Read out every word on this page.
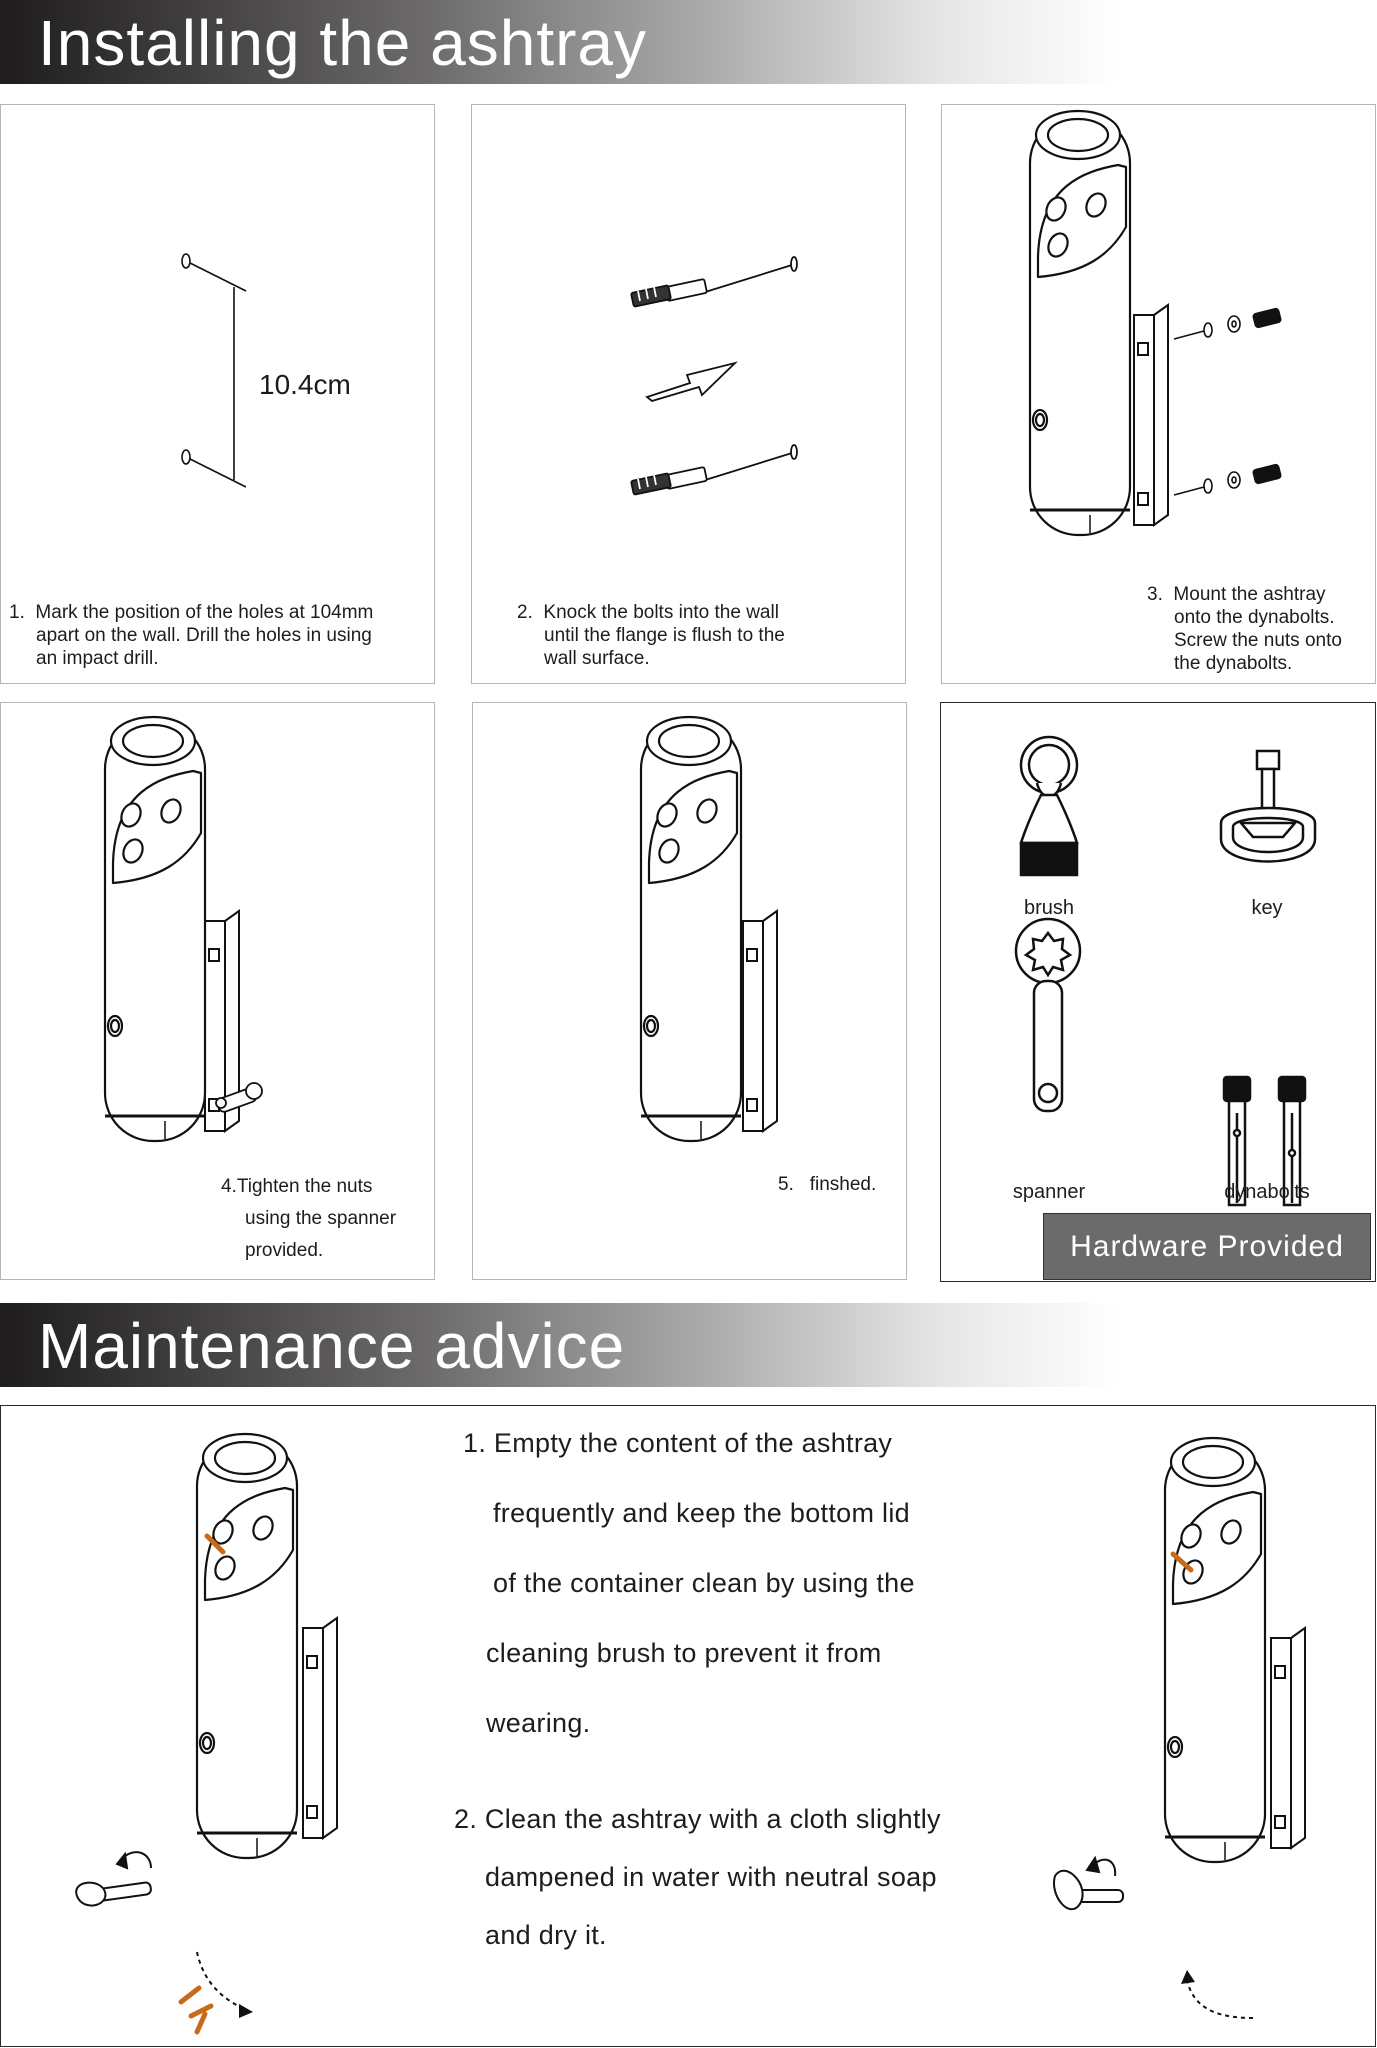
Installing the ashtray
10.4cm
1. Mark the position of the holes at 104mm
apart on the wall. Drill the holes in using
an impact drill.
2. Knock the bolts into the wall
until the flange is flush to the
wall surface.
3. Mount the ashtray
onto the dynabolts.
Screw the nuts onto
the dynabolts.
4.Tighten the nuts
using the spanner
provided.
5. finshed.
brush	key
spanner	dynabolts
Hardware Provided
Maintenance advice
1. Empty the content of the ashtray
frequently and keep the bottom lid
of the container clean by using the
cleaning brush to prevent it from
wearing.
2. Clean the ashtray with a cloth slightly
dampened in water with neutral soap
and dry it.
